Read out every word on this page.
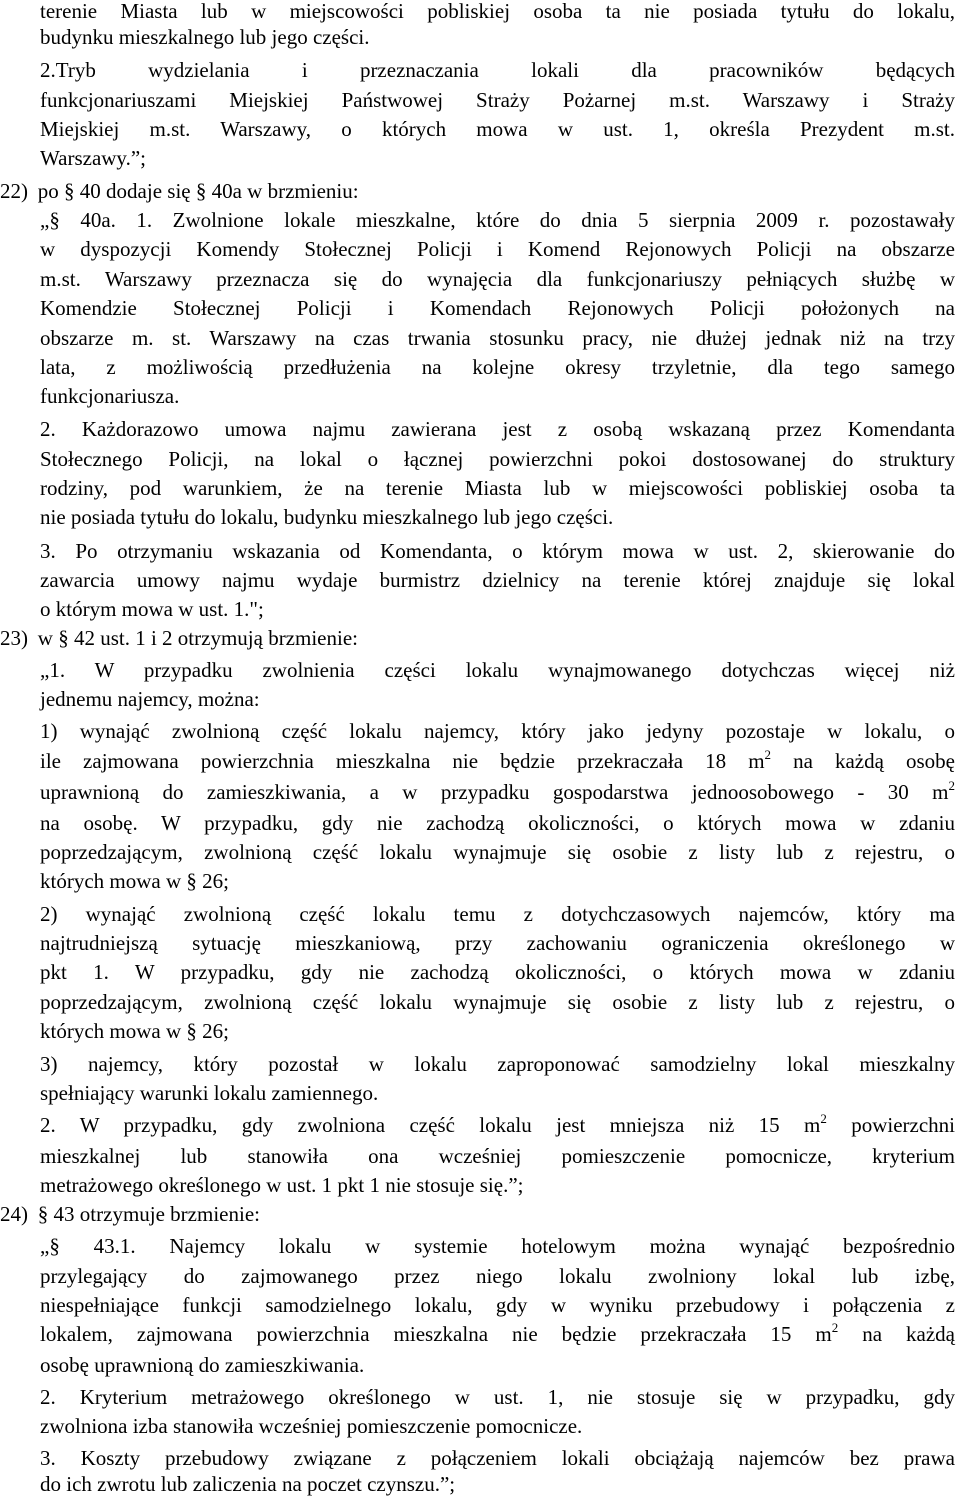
terenie Miasta lub w miejscowości pobliskiej osoba ta nie posiada tytułu do lokalu,
budynku mieszkalnego lub jego części.
2.Tryb wydzielania i przeznaczania lokali dla pracowników będących
funkcjonariuszami Miejskiej Państwowej Straży Pożarnej m.st. Warszawy i Straży
Miejskiej m.st. Warszawy, o których mowa w ust. 1, określa Prezydent m.st.
Warszawy.”;
22) po § 40 dodaje się § 40a w brzmieniu:
„§ 40a. 1. Zwolnione lokale mieszkalne, które do dnia 5 sierpnia 2009 r. pozostawały
w dyspozycji Komendy Stołecznej Policji i Komend Rejonowych Policji na obszarze
m.st. Warszawy przeznacza się do wynajęcia dla funkcjonariuszy pełniących służbę w
Komendzie Stołecznej Policji i Komendach Rejonowych Policji położonych na
obszarze m. st. Warszawy na czas trwania stosunku pracy, nie dłużej jednak niż na trzy
lata, z możliwością przedłużenia na kolejne okresy trzyletnie, dla tego samego
funkcjonariusza.
2. Każdorazowo umowa najmu zawierana jest z osobą wskazaną przez Komendanta
Stołecznego Policji, na lokal o łącznej powierzchni pokoi dostosowanej do struktury
rodziny, pod warunkiem, że na terenie Miasta lub w miejscowości pobliskiej osoba ta
nie posiada tytułu do lokalu, budynku mieszkalnego lub jego części.
3. Po otrzymaniu wskazania od Komendanta, o którym mowa w ust. 2, skierowanie do
zawarcia umowy najmu wydaje burmistrz dzielnicy na terenie której znajduje się lokal
o którym mowa w ust. 1.";
23) w § 42 ust. 1 i 2 otrzymują brzmienie:
„1. W przypadku zwolnienia części lokalu wynajmowanego dotychczas więcej niż
jednemu najemcy, można:
1) wynająć zwolnioną część lokalu najemcy, który jako jedyny pozostaje w lokalu, o
ile zajmowana powierzchnia mieszkalna nie będzie przekraczała 18 $m^2$ na każdą osobę
uprawnioną do zamieszkiwania, a w przypadku gospodarstwa jednoosobowego - 30 $m^2$
na osobę. W przypadku, gdy nie zachodzą okoliczności, o których mowa w zdaniu
poprzedzającym, zwolnioną część lokalu wynajmuje się osobie z listy lub z rejestru, o
których mowa w § 26;
2) wynająć zwolnioną część lokalu temu z dotychczasowych najemców, który ma
najtrudniejszą sytuację mieszkaniową, przy zachowaniu ograniczenia określonego w
pkt 1. W przypadku, gdy nie zachodzą okoliczności, o których mowa w zdaniu
poprzedzającym, zwolnioną część lokalu wynajmuje się osobie z listy lub z rejestru, o
których mowa w § 26;
3) najemcy, który pozostał w lokalu zaproponować samodzielny lokal mieszkalny
spełniający warunki lokalu zamiennego.
2. W przypadku, gdy zwolniona część lokalu jest mniejsza niż 15 $m^2$ powierzchni
mieszkalnej lub stanowiła ona wcześniej pomieszczenie pomocnicze, kryterium
metrażowego określonego w ust. 1 pkt 1 nie stosuje się.”;
24) § 43 otrzymuje brzmienie:
„§ 43.1. Najemcy lokalu w systemie hotelowym można wynająć bezpośrednio
przylegający do zajmowanego przez niego lokalu zwolniony lokal lub izbę,
niespełniające funkcji samodzielnego lokalu, gdy w wyniku przebudowy i połączenia z
lokalem, zajmowana powierzchnia mieszkalna nie będzie przekraczała 15 $m^2$ na każdą
osobę uprawnioną do zamieszkiwania.
2. Kryterium metrażowego określonego w ust. 1, nie stosuje się w przypadku, gdy
zwolniona izba stanowiła wcześniej pomieszczenie pomocnicze.
3. Koszty przebudowy związane z połączeniem lokali obciążają najemców bez prawa
do ich zwrotu lub zaliczenia na poczet czynszu.”;
